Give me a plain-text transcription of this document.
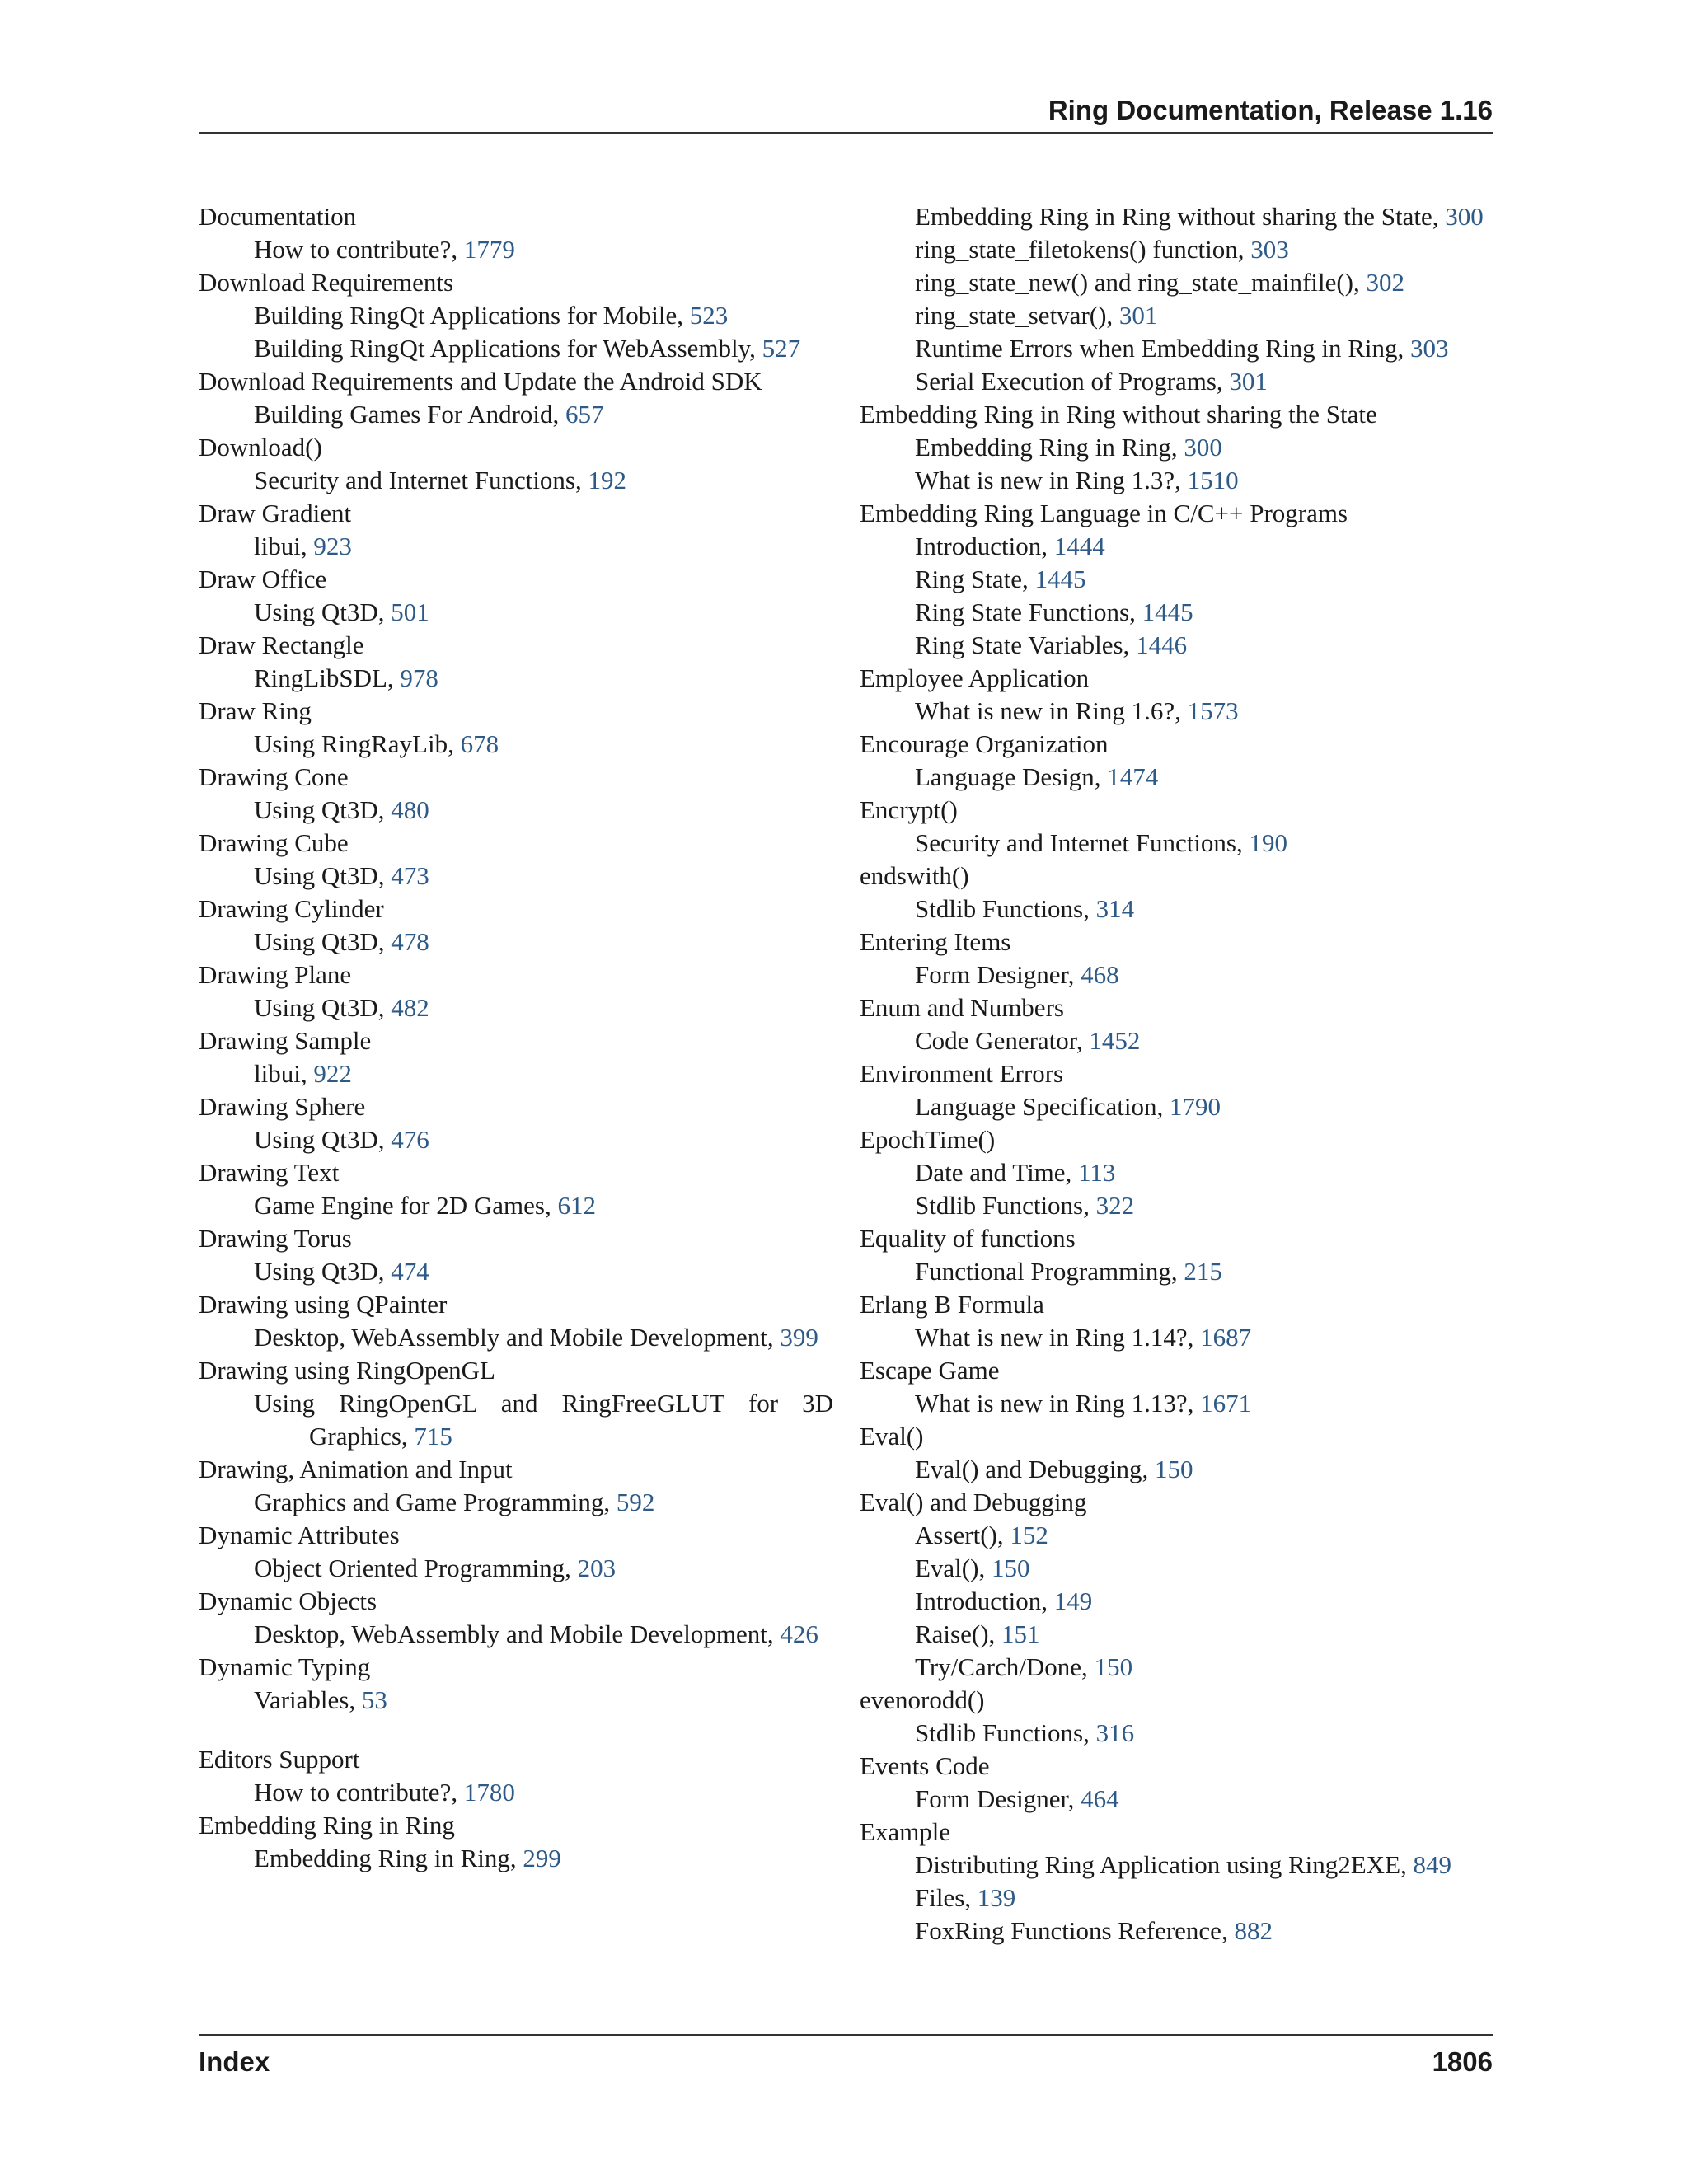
Ring Documentation, Release 1.16
Documentation
How to contribute?, 1779
Download Requirements
Building RingQt Applications for Mobile, 523
Building RingQt Applications for WebAssembly, 527
Download Requirements and Update the Android SDK
Building Games For Android, 657
Download()
Security and Internet Functions, 192
Draw Gradient
libui, 923
Draw Office
Using Qt3D, 501
Draw Rectangle
RingLibSDL, 978
Draw Ring
Using RingRayLib, 678
Drawing Cone
Using Qt3D, 480
Drawing Cube
Using Qt3D, 473
Drawing Cylinder
Using Qt3D, 478
Drawing Plane
Using Qt3D, 482
Drawing Sample
libui, 922
Drawing Sphere
Using Qt3D, 476
Drawing Text
Game Engine for 2D Games, 612
Drawing Torus
Using Qt3D, 474
Drawing using QPainter
Desktop, WebAssembly and Mobile Development, 399
Drawing using RingOpenGL
Using RingOpenGL and RingFreeGLUT for 3D Graphics, 715
Drawing, Animation and Input
Graphics and Game Programming, 592
Dynamic Attributes
Object Oriented Programming, 203
Dynamic Objects
Desktop, WebAssembly and Mobile Development, 426
Dynamic Typing
Variables, 53
Editors Support
How to contribute?, 1780
Embedding Ring in Ring
Embedding Ring in Ring, 299
Embedding Ring in Ring without sharing the State, 300
ring_state_filetokens() function, 303
ring_state_new() and ring_state_mainfile(), 302
ring_state_setvar(), 301
Runtime Errors when Embedding Ring in Ring, 303
Serial Execution of Programs, 301
Embedding Ring in Ring without sharing the State
Embedding Ring in Ring, 300
What is new in Ring 1.3?, 1510
Embedding Ring Language in C/C++ Programs
Introduction, 1444
Ring State, 1445
Ring State Functions, 1445
Ring State Variables, 1446
Employee Application
What is new in Ring 1.6?, 1573
Encourage Organization
Language Design, 1474
Encrypt()
Security and Internet Functions, 190
endswith()
Stdlib Functions, 314
Entering Items
Form Designer, 468
Enum and Numbers
Code Generator, 1452
Environment Errors
Language Specification, 1790
EpochTime()
Date and Time, 113
Stdlib Functions, 322
Equality of functions
Functional Programming, 215
Erlang B Formula
What is new in Ring 1.14?, 1687
Escape Game
What is new in Ring 1.13?, 1671
Eval()
Eval() and Debugging, 150
Eval() and Debugging
Assert(), 152
Eval(), 150
Introduction, 149
Raise(), 151
Try/Carch/Done, 150
evenorodd()
Stdlib Functions, 316
Events Code
Form Designer, 464
Example
Distributing Ring Application using Ring2EXE, 849
Files, 139
FoxRing Functions Reference, 882
Index	1806
